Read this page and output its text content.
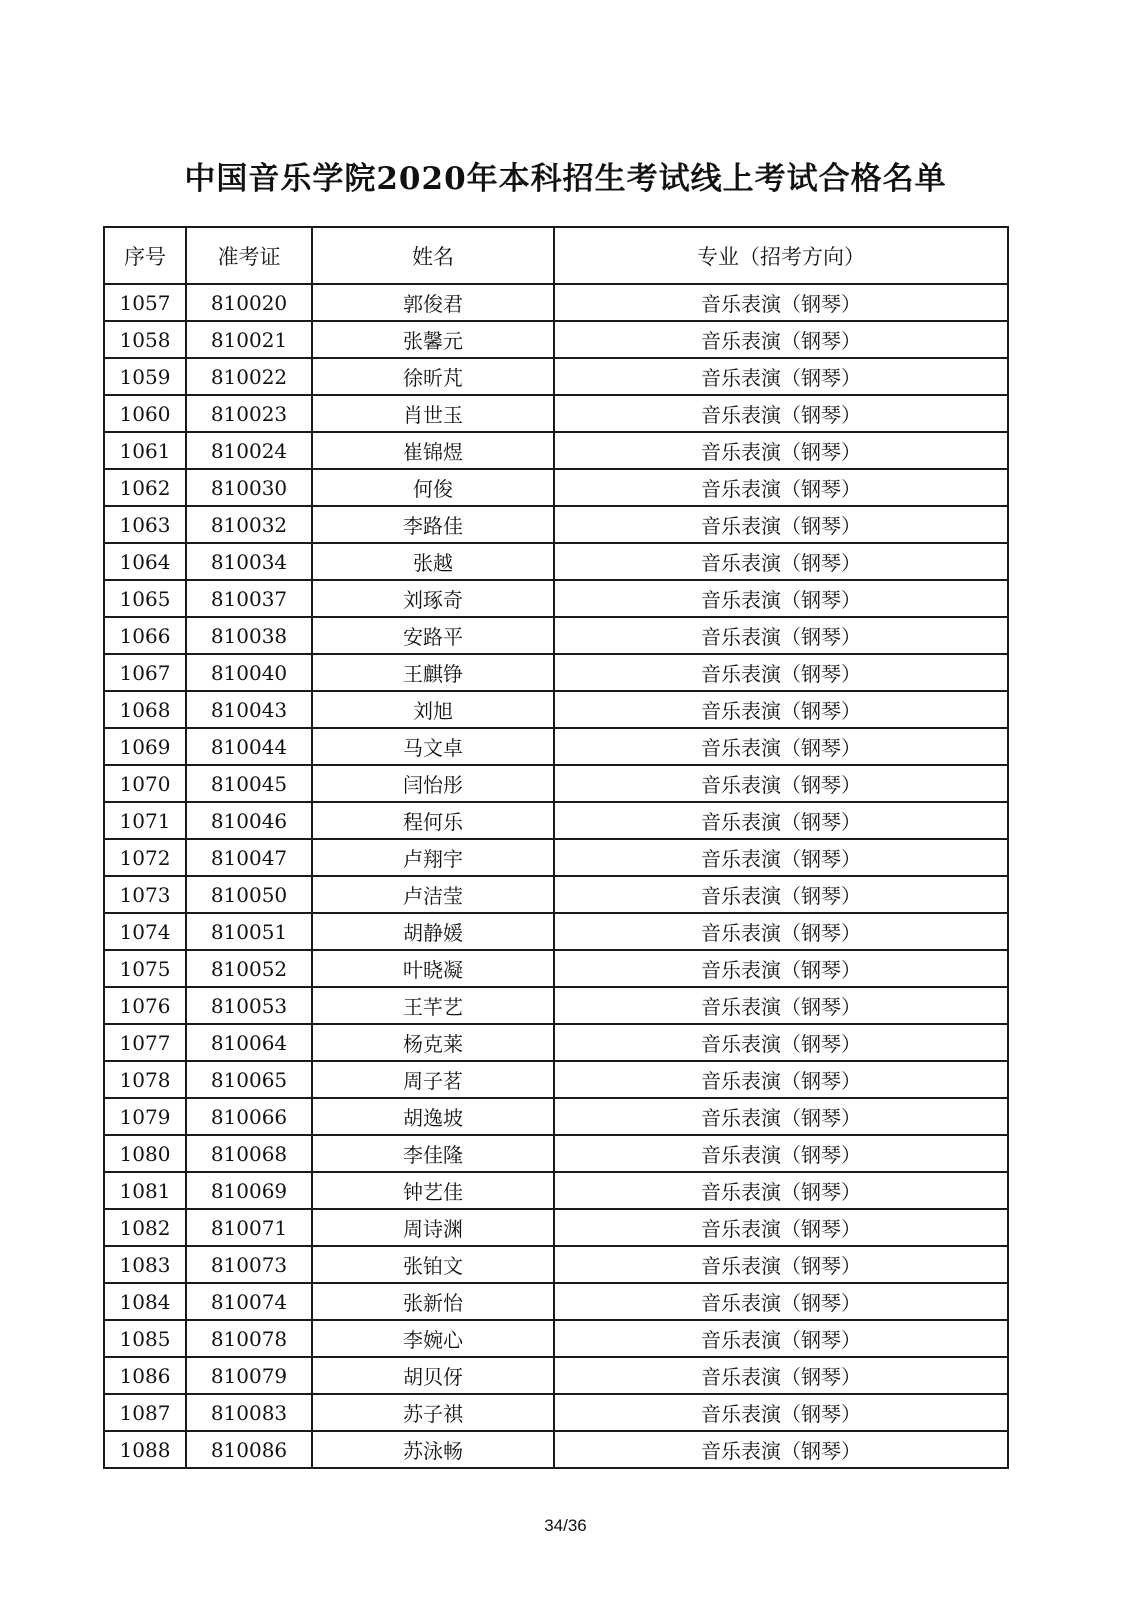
中国音乐学院2020年本科招生考试线上考试合格名单
序号	准考证	姓名	专业（招考方向）
1057	810020	郭俊君	音乐表演（钢琴）
1058	810021	张馨元	音乐表演（钢琴）
1059	810022	徐昕芃	音乐表演（钢琴）
1060	810023	肖世玉	音乐表演（钢琴）
1061	810024	崔锦煜	音乐表演（钢琴）
1062	810030	何俊	音乐表演（钢琴）
1063	810032	李路佳	音乐表演（钢琴）
1064	810034	张越	音乐表演（钢琴）
1065	810037	刘琢奇	音乐表演（钢琴）
1066	810038	安路平	音乐表演（钢琴）
1067	810040	王麒铮	音乐表演（钢琴）
1068	810043	刘旭	音乐表演（钢琴）
1069	810044	马文卓	音乐表演（钢琴）
1070	810045	闫怡彤	音乐表演（钢琴）
1071	810046	程何乐	音乐表演（钢琴）
1072	810047	卢翔宇	音乐表演（钢琴）
1073	810050	卢洁莹	音乐表演（钢琴）
1074	810051	胡静媛	音乐表演（钢琴）
1075	810052	叶晓凝	音乐表演（钢琴）
1076	810053	王芊艺	音乐表演（钢琴）
1077	810064	杨克莱	音乐表演（钢琴）
1078	810065	周子茗	音乐表演（钢琴）
1079	810066	胡逸坡	音乐表演（钢琴）
1080	810068	李佳隆	音乐表演（钢琴）
1081	810069	钟艺佳	音乐表演（钢琴）
1082	810071	周诗渊	音乐表演（钢琴）
1083	810073	张铂文	音乐表演（钢琴）
1084	810074	张新怡	音乐表演（钢琴）
1085	810078	李婉心	音乐表演（钢琴）
1086	810079	胡贝伢	音乐表演（钢琴）
1087	810083	苏子祺	音乐表演（钢琴）
1088	810086	苏泳畅	音乐表演（钢琴）
34/36
